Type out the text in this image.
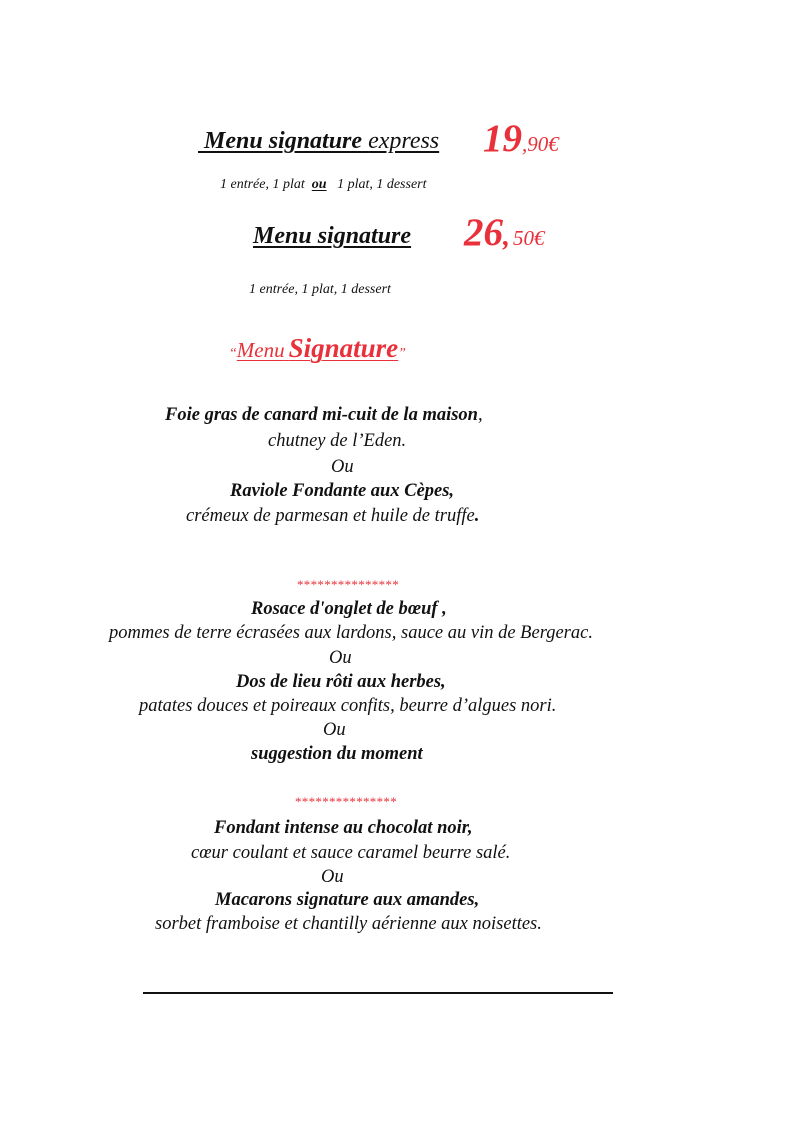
Menu signature express 19,90€
1 entrée, 1 plat ou 1 plat, 1 dessert
Menu signature 26, 50€
1 entrée, 1 plat, 1 dessert
“Menu Signature”
Foie gras de canard mi-cuit de la maison,
chutney de l’Eden.
Ou
Raviole Fondante aux Cèpes,
crémeux de parmesan et huile de truffe.
***************
Rosace d'onglet de bœuf ,
pommes de terre écrasées aux lardons, sauce au vin de Bergerac.
Ou
Dos de lieu rôti aux herbes,
patates douces et poireaux confits, beurre d’algues nori.
Ou
suggestion du moment
***************
Fondant intense au chocolat noir,
cœur coulant et sauce caramel beurre salé.
Ou
Macarons signature aux amandes,
sorbet framboise et chantilly aérienne aux noisettes.
